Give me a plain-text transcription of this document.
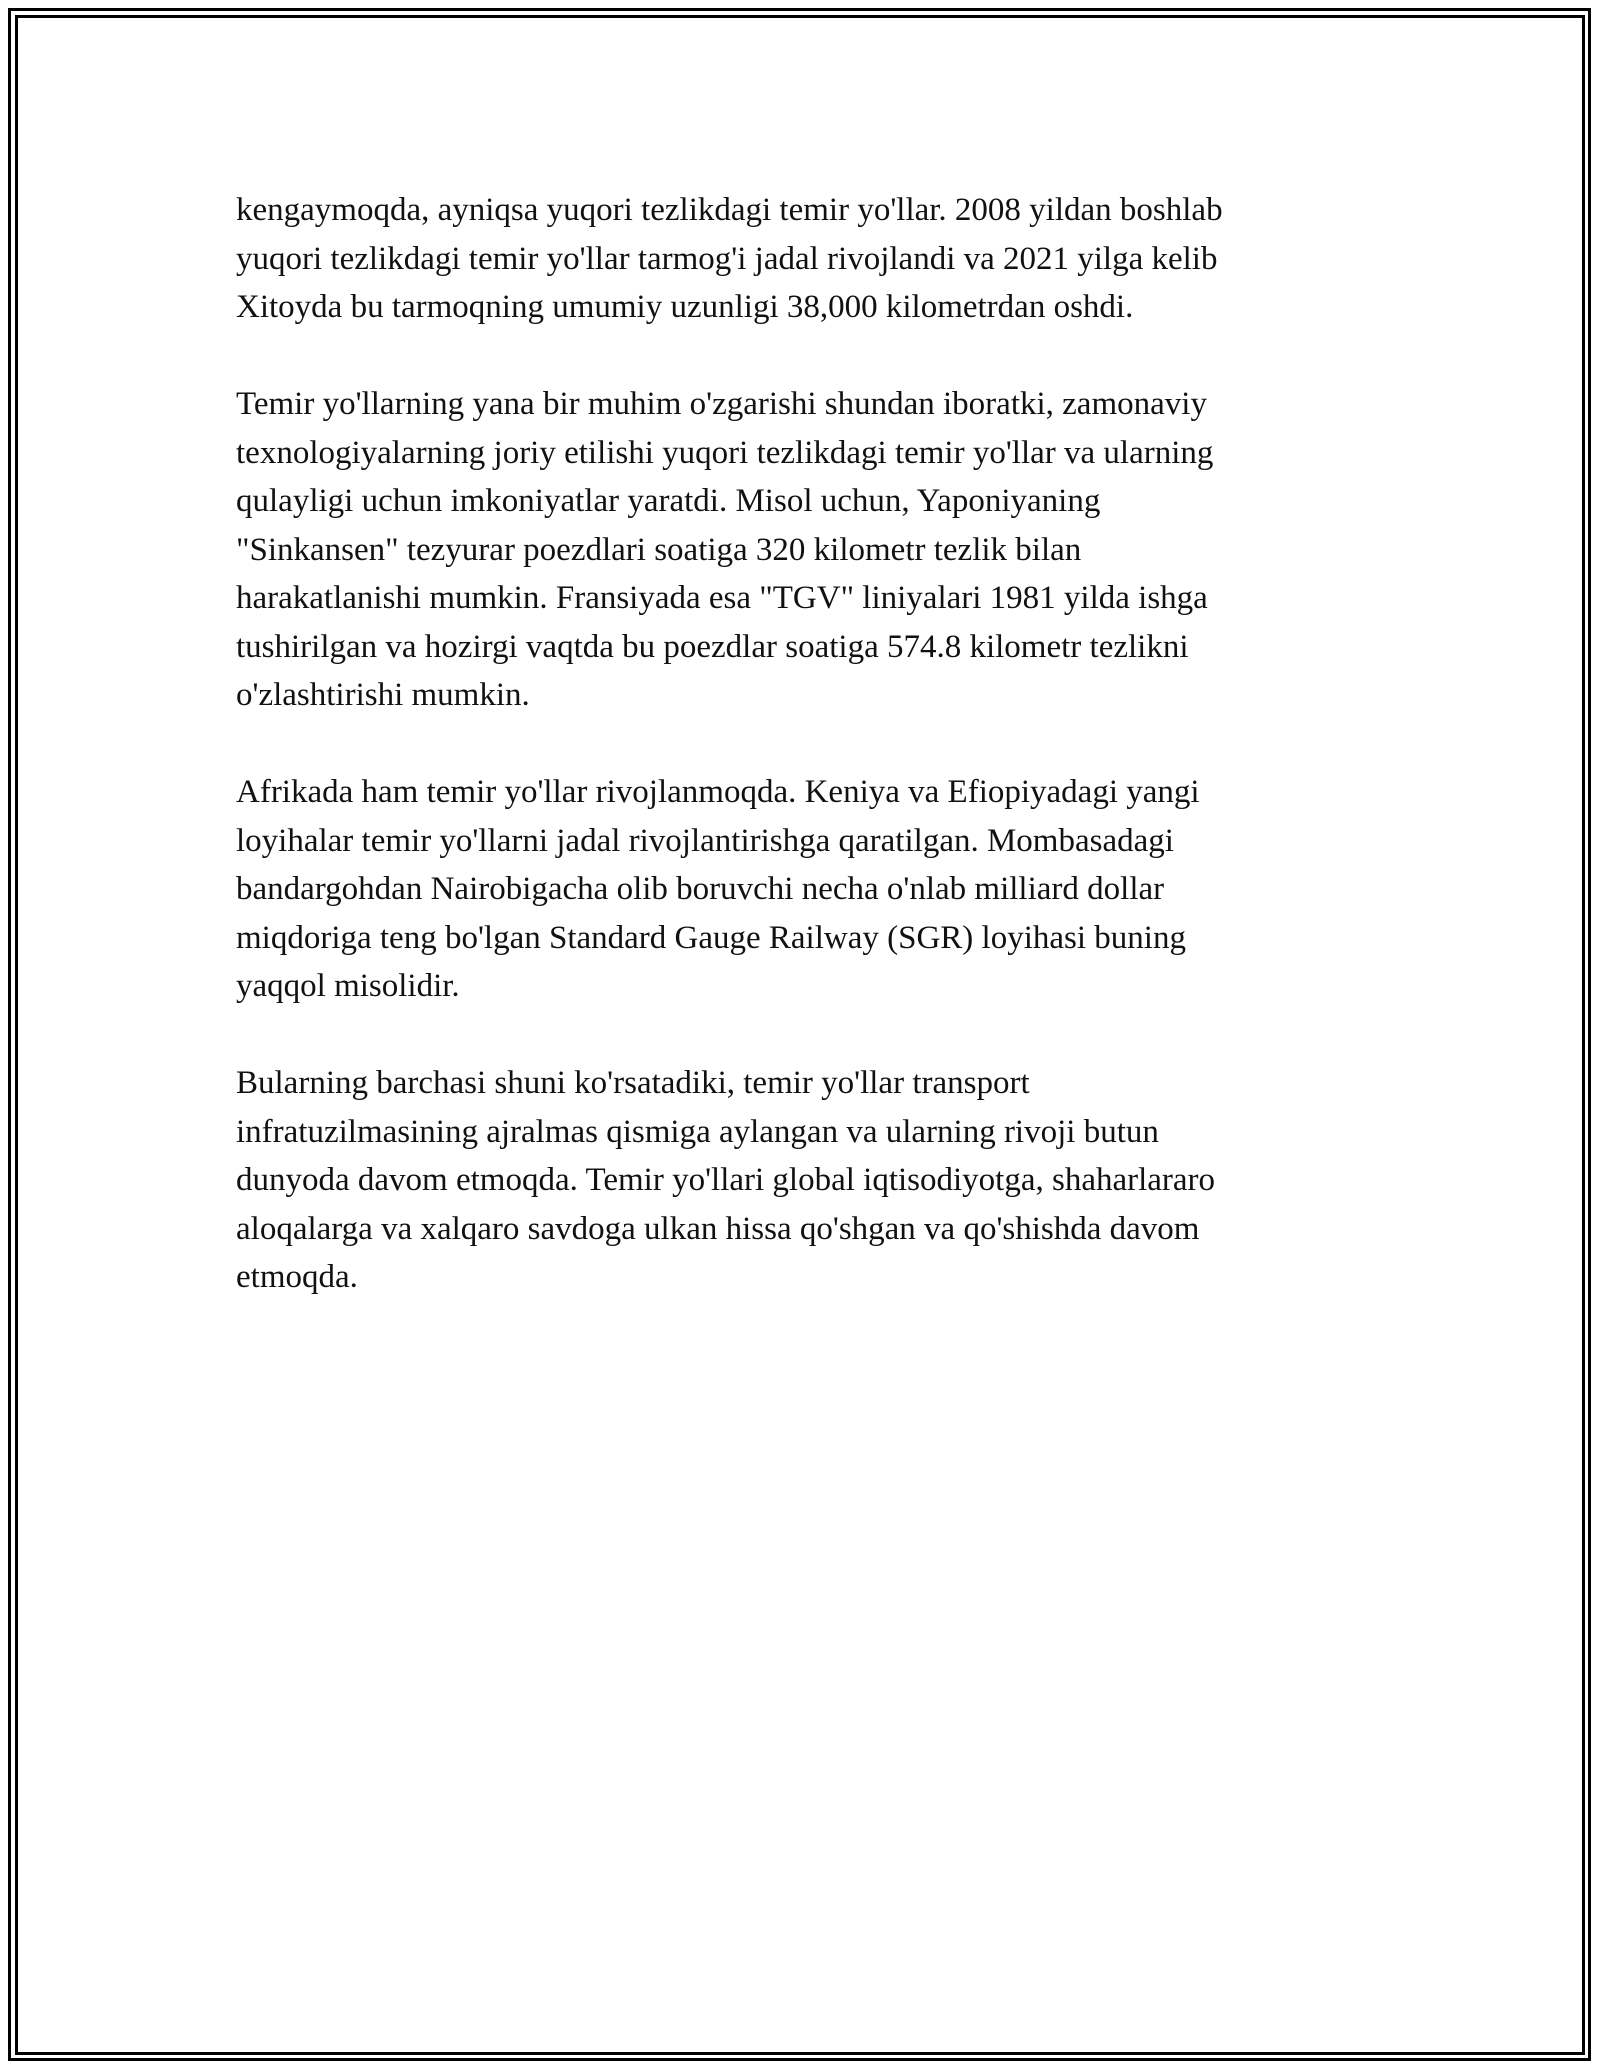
kengaymoqda, ayniqsa yuqori tezlikdagi temir yo'llar. 2008 yildan boshlab
yuqori tezlikdagi temir yo'llar tarmog'i jadal rivojlandi va 2021 yilga kelib
Xitoyda bu tarmoqning umumiy uzunligi 38,000 kilometrdan oshdi.

Temir yo'llarning yana bir muhim o'zgarishi shundan iboratki, zamonaviy
texnologiyalarning joriy etilishi yuqori tezlikdagi temir yo'llar va ularning
qulayligi uchun imkoniyatlar yaratdi. Misol uchun, Yaponiyaning
"Sinkansen" tezyurar poezdlari soatiga 320 kilometr tezlik bilan
harakatlanishi mumkin. Fransiyada esa "TGV" liniyalari 1981 yilda ishga
tushirilgan va hozirgi vaqtda bu poezdlar soatiga 574.8 kilometr tezlikni
o'zlashtirishi mumkin.

Afrikada ham temir yo'llar rivojlanmoqda. Keniya va Efiopiyadagi yangi
loyihalar temir yo'llarni jadal rivojlantirishga qaratilgan. Mombasadagi
bandargohdan Nairobigacha olib boruvchi necha o'nlab milliard dollar
miqdoriga teng bo'lgan Standard Gauge Railway (SGR) loyihasi buning
yaqqol misolidir.

Bularning barchasi shuni ko'rsatadiki, temir yo'llar transport
infratuzilmasining ajralmas qismiga aylangan va ularning rivoji butun
dunyoda davom etmoqda. Temir yo'llari global iqtisodiyotga, shaharlararo
aloqalarga va xalqaro savdoga ulkan hissa qo'shgan va qo'shishda davom
etmoqda.
